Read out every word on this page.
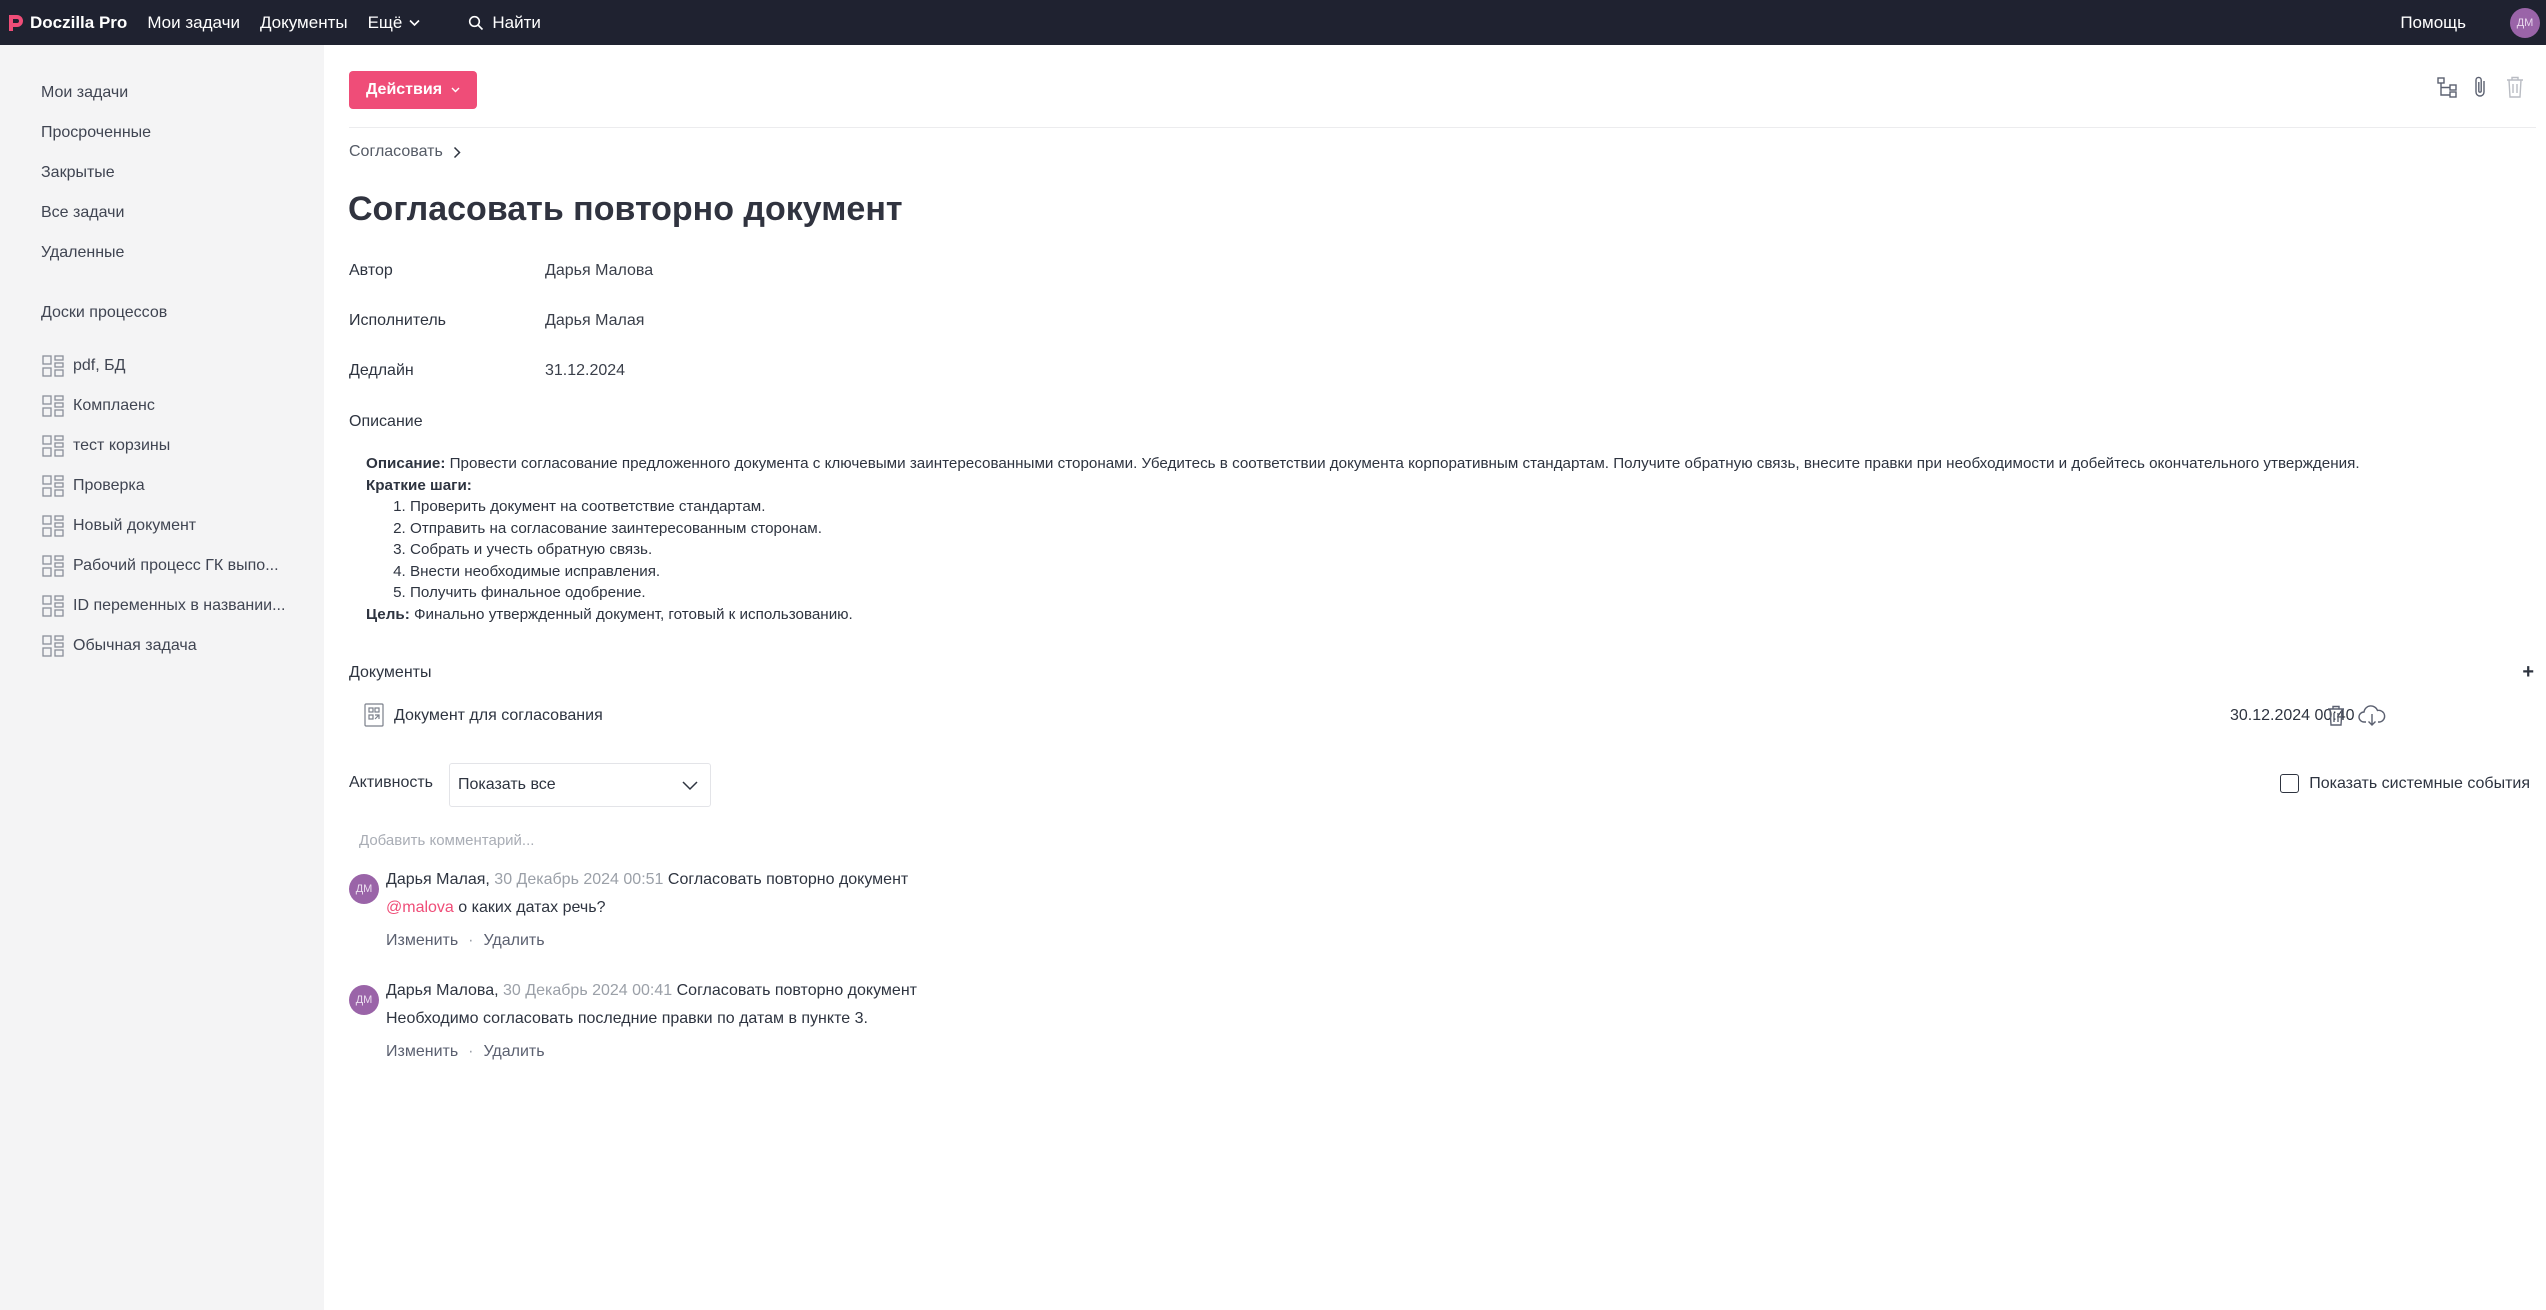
Doczilla Pro Мои задачи Документы Ещё	Найти	Помощь	ДМ
Мои задачи
Просроченные
Закрытые
Все задачи
Удаленные
Доски процессов
pdf, БД
Комплаенс
тест корзины
Проверка
Новый документ
Рабочий процесс ГК выпо...
ID переменных в названии...
Обычная задача
Действия
Согласовать
Согласовать повторно документ
Автор	Дарья Малова
Исполнитель	Дарья Малая
Дедлайн	31.12.2024
Описание
Описание: Провести согласование предложенного документа с ключевыми заинтересованными сторонами. Убедитесь в соответствии документа корпоративным стандартам. Получите обратную связь, внесите правки при необходимости и добейтесь окончательного утверждения.
Краткие шаги:
1. Проверить документ на соответствие стандартам.
2. Отправить на согласование заинтересованным сторонам.
3. Собрать и учесть обратную связь.
4. Внести необходимые исправления.
5. Получить финальное одобрение.
Цель: Финально утвержденный документ, готовый к использованию.
Документы	+
Документ для согласования	30.12.2024 00:40
Активность Показать все	Показать системные события
Добавить комментарий...
ДМ
Дарья Малая, 30 Декабрь 2024 00:51 Согласовать повторно документ
@malova о каких датах речь?
Изменить · Удалить
ДМ
Дарья Малова, 30 Декабрь 2024 00:41 Согласовать повторно документ
Необходимо согласовать последние правки по датам в пункте 3.
Изменить · Удалить
